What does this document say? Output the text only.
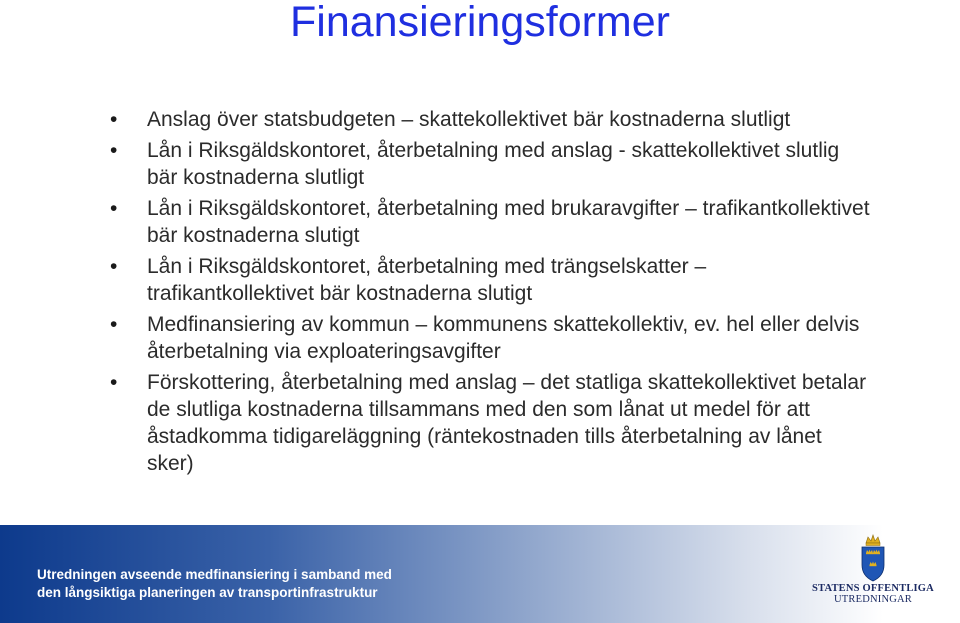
Finansieringsformer
•	Anslag över statsbudgeten – skattekollektivet bär kostnaderna slutligt
•	Lån i Riksgäldskontoret, återbetalning med anslag - skattekollektivet slutlig bär kostnaderna slutligt
•	Lån i Riksgäldskontoret, återbetalning med brukaravgifter – trafikantkollektivet bär kostnaderna slutigt
•	Lån i Riksgäldskontoret, återbetalning med trängselskatter – trafikantkollektivet bär kostnaderna slutigt
•	Medfinansiering av kommun – kommunens skattekollektiv, ev. hel eller delvis återbetalning via exploateringsavgifter
•	Förskottering, återbetalning med anslag – det statliga skattekollektivet betalar de slutliga kostnaderna tillsammans med den som lånat ut medel för att åstadkomma tidigareläggning (räntekostnaden tills återbetalning av lånet sker)
Utredningen avseende medfinansiering i samband med
den långsiktiga planeringen av transportinfrastruktur	STATENS OFFENTLIGA
UTREDNINGAR
